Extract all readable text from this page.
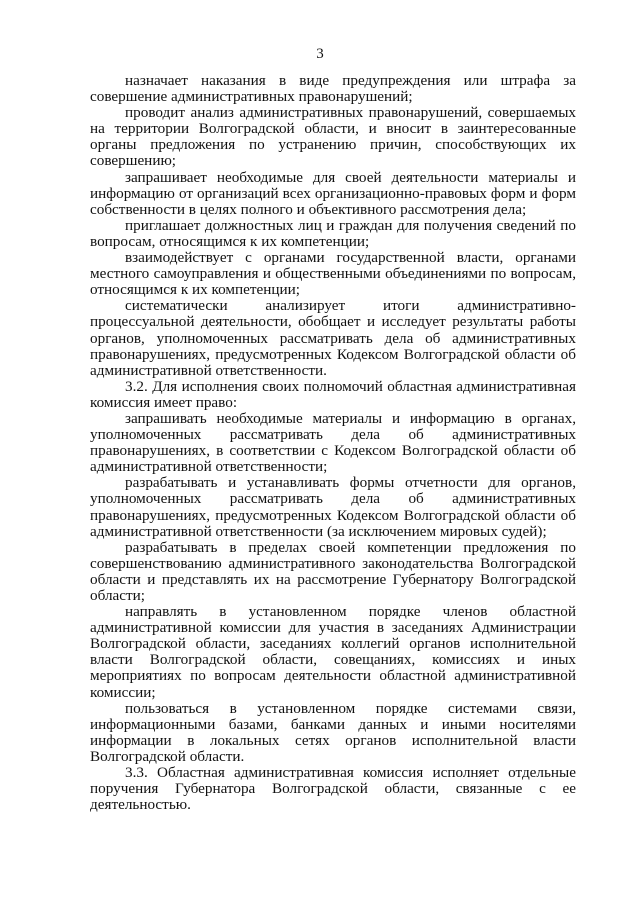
3

назначает наказания в виде предупреждения или штрафа за совершение административных правонарушений;

проводит анализ административных правонарушений, совершаемых на территории Волгоградской области, и вносит в заинтересованные органы предложения по устранению причин, способствующих их совершению;

запрашивает необходимые для своей деятельности материалы и информацию от организаций всех организационно-правовых форм и форм собственности в целях полного и объективного рассмотрения дела;

приглашает должностных лиц и граждан для получения сведений по вопросам, относящимся к их компетенции;

взаимодействует с органами государственной власти, органами местного самоуправления и общественными объединениями по вопросам, относящимся к их компетенции;

систематически анализирует итоги административно-процессуальной деятельности, обобщает и исследует результаты работы органов, уполномоченных рассматривать дела об административных правонарушениях, предусмотренных Кодексом Волгоградской области об административной ответственности.

3.2. Для исполнения своих полномочий областная административная комиссия имеет право:

запрашивать необходимые материалы и информацию в органах, уполномоченных рассматривать дела об административных правонарушениях, в соответствии с Кодексом Волгоградской области об административной ответственности;

разрабатывать и устанавливать формы отчетности для органов, уполномоченных рассматривать дела об административных правонарушениях, предусмотренных Кодексом Волгоградской области об административной ответственности (за исключением мировых судей);

разрабатывать в пределах своей компетенции предложения по совершенствованию административного законодательства Волгоградской области и представлять их на рассмотрение Губернатору Волгоградской области;

направлять в установленном порядке членов областной административной комиссии для участия в заседаниях Администрации Волгоградской области, заседаниях коллегий органов исполнительной власти Волгоградской области, совещаниях, комиссиях и иных мероприятиях по вопросам деятельности областной административной комиссии;

пользоваться в установленном порядке системами связи, информационными базами, банками данных и иными носителями информации в локальных сетях органов исполнительной власти Волгоградской области.

3.3. Областная административная комиссия исполняет отдельные поручения Губернатора Волгоградской области, связанные с ее деятельностью.
